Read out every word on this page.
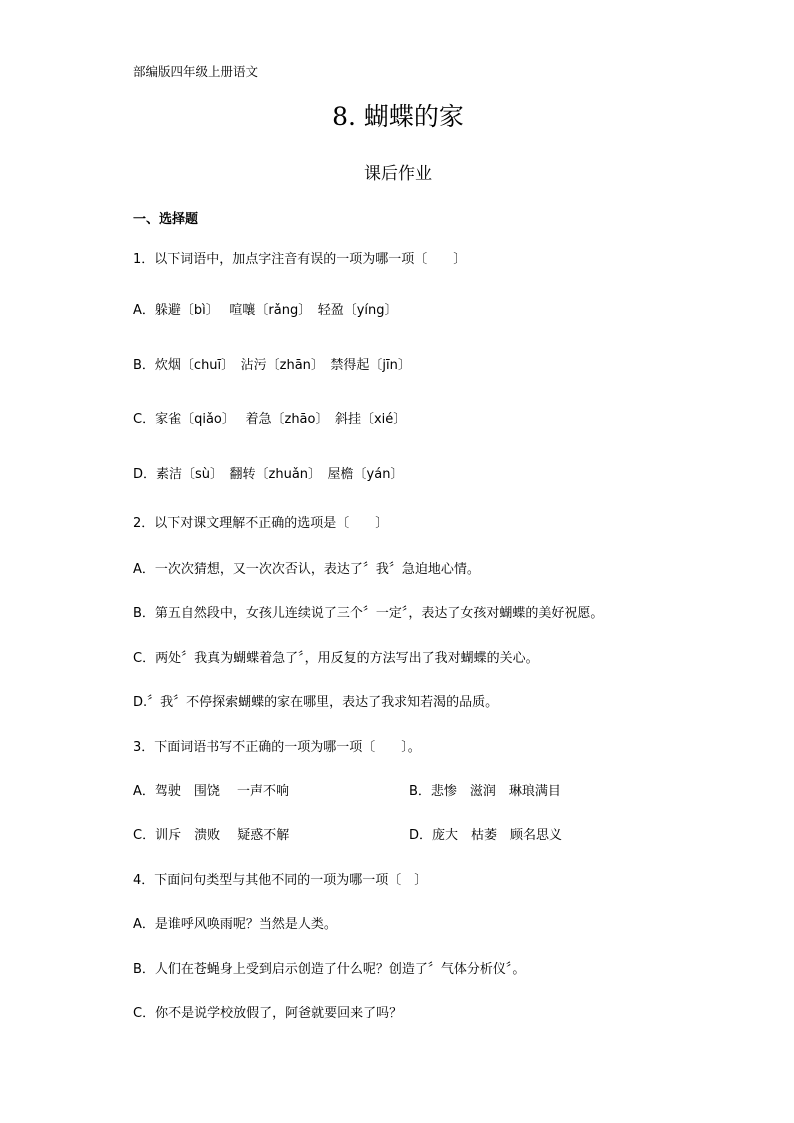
部编版四年级上册语文
8. 蝴蝶的家
课后作业
一、选择题
1．以下词语中，加点字注音有误的一项为哪一项〔　　〕
A．躲避〔bì〕　 喧嚷〔rǎng〕　轻盈〔yíng〕
B．炊烟〔chuī〕　沾污〔zhān〕　禁得起〔jīn〕
C．家雀〔qiǎo〕　 着急〔zhāo〕　斜挂〔xié〕
D．素洁〔sù〕　翻转〔zhuǎn〕　屋檐〔yán〕
2．以下对课文理解不正确的选项是〔　　〕
A．一次次猜想，又一次次否认，表达了〞我〞急迫地心情。
B．第五自然段中，女孩儿连续说了三个〞一定〞，表达了女孩对蝴蝶的美好祝愿。
C．两处〞我真为蝴蝶着急了〞，用反复的方法写出了我对蝴蝶的关心。
D.〞我〞不停探索蝴蝶的家在哪里，表达了我求知若渴的品质。
3．下面词语书写不正确的一项为哪一项〔　　〕。
A．驾驶　围饶　 一声不响	B．悲惨　滋润　琳琅满目
C．训斥　溃败　 疑惑不解	D．庞大　枯萎　顾名思义
4．下面问句类型与其他不同的一项为哪一项〔　〕
A．是谁呼风唤雨呢？当然是人类。
B．人们在苍蝇身上受到启示创造了什么呢？创造了〞气体分析仪〞。
C．你不是说学校放假了，阿爸就要回来了吗？
